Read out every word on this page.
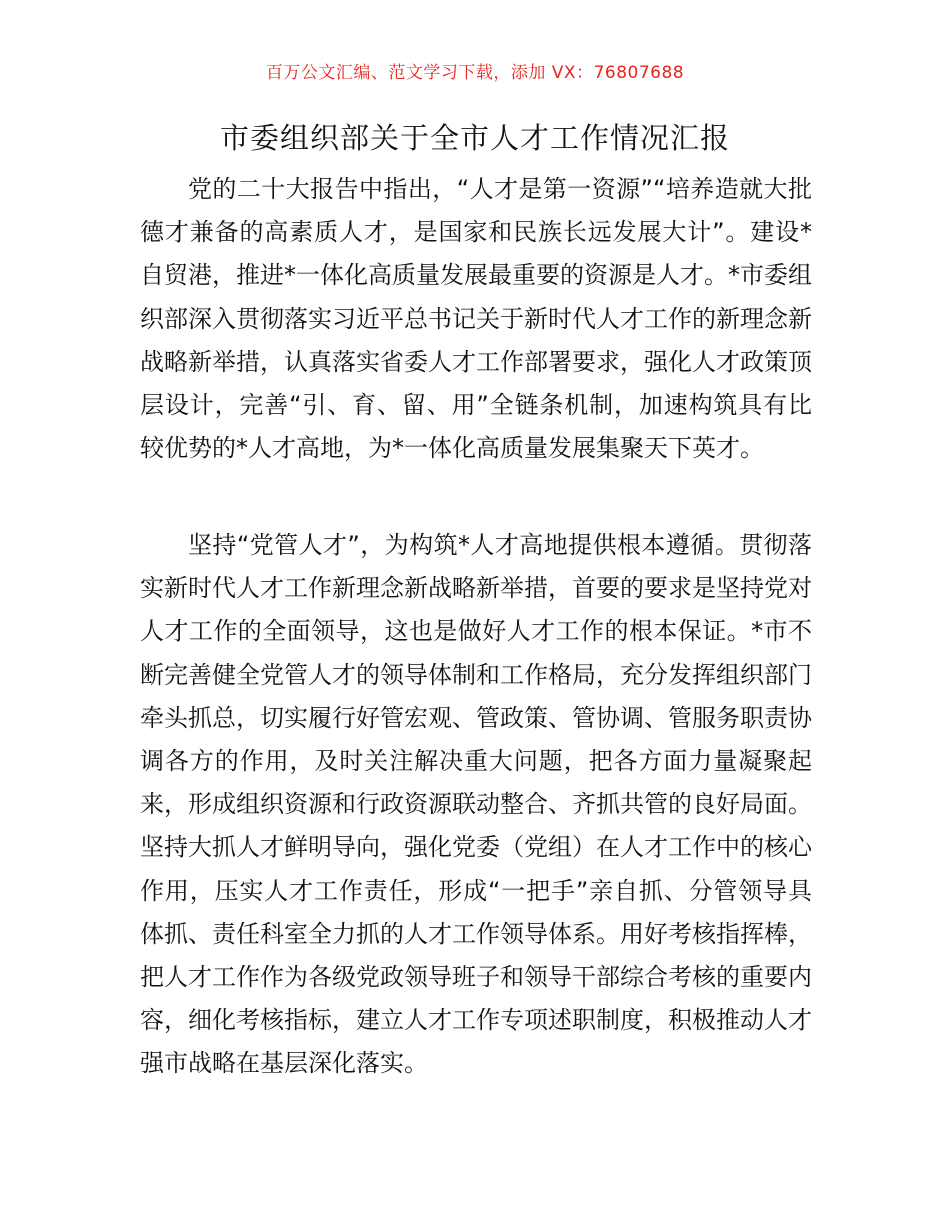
百万公文汇编、范文学习下载，添加 VX：76807688
市委组织部关于全市人才工作情况汇报

党的二十大报告中指出，“人才是第一资源”“培养造就大批德才兼备的高素质人才，是国家和民族长远发展大计”。建设*自贸港，推进*一体化高质量发展最重要的资源是人才。*市委组织部深入贯彻落实习近平总书记关于新时代人才工作的新理念新战略新举措，认真落实省委人才工作部署要求，强化人才政策顶层设计，完善“引、育、留、用”全链条机制，加速构筑具有比较优势的*人才高地，为*一体化高质量发展集聚天下英才。

坚持“党管人才”，为构筑*人才高地提供根本遵循。贯彻落实新时代人才工作新理念新战略新举措，首要的要求是坚持党对人才工作的全面领导，这也是做好人才工作的根本保证。*市不断完善健全党管人才的领导体制和工作格局，充分发挥组织部门牵头抓总，切实履行好管宏观、管政策、管协调、管服务职责协调各方的作用，及时关注解决重大问题，把各方面力量凝聚起来，形成组织资源和行政资源联动整合、齐抓共管的良好局面。坚持大抓人才鲜明导向，强化党委（党组）在人才工作中的核心作用，压实人才工作责任，形成“一把手”亲自抓、分管领导具体抓、责任科室全力抓的人才工作领导体系。用好考核指挥棒，把人才工作作为各级党政领导班子和领导干部综合考核的重要内容，细化考核指标，建立人才工作专项述职制度，积极推动人才强市战略在基层深化落实。
